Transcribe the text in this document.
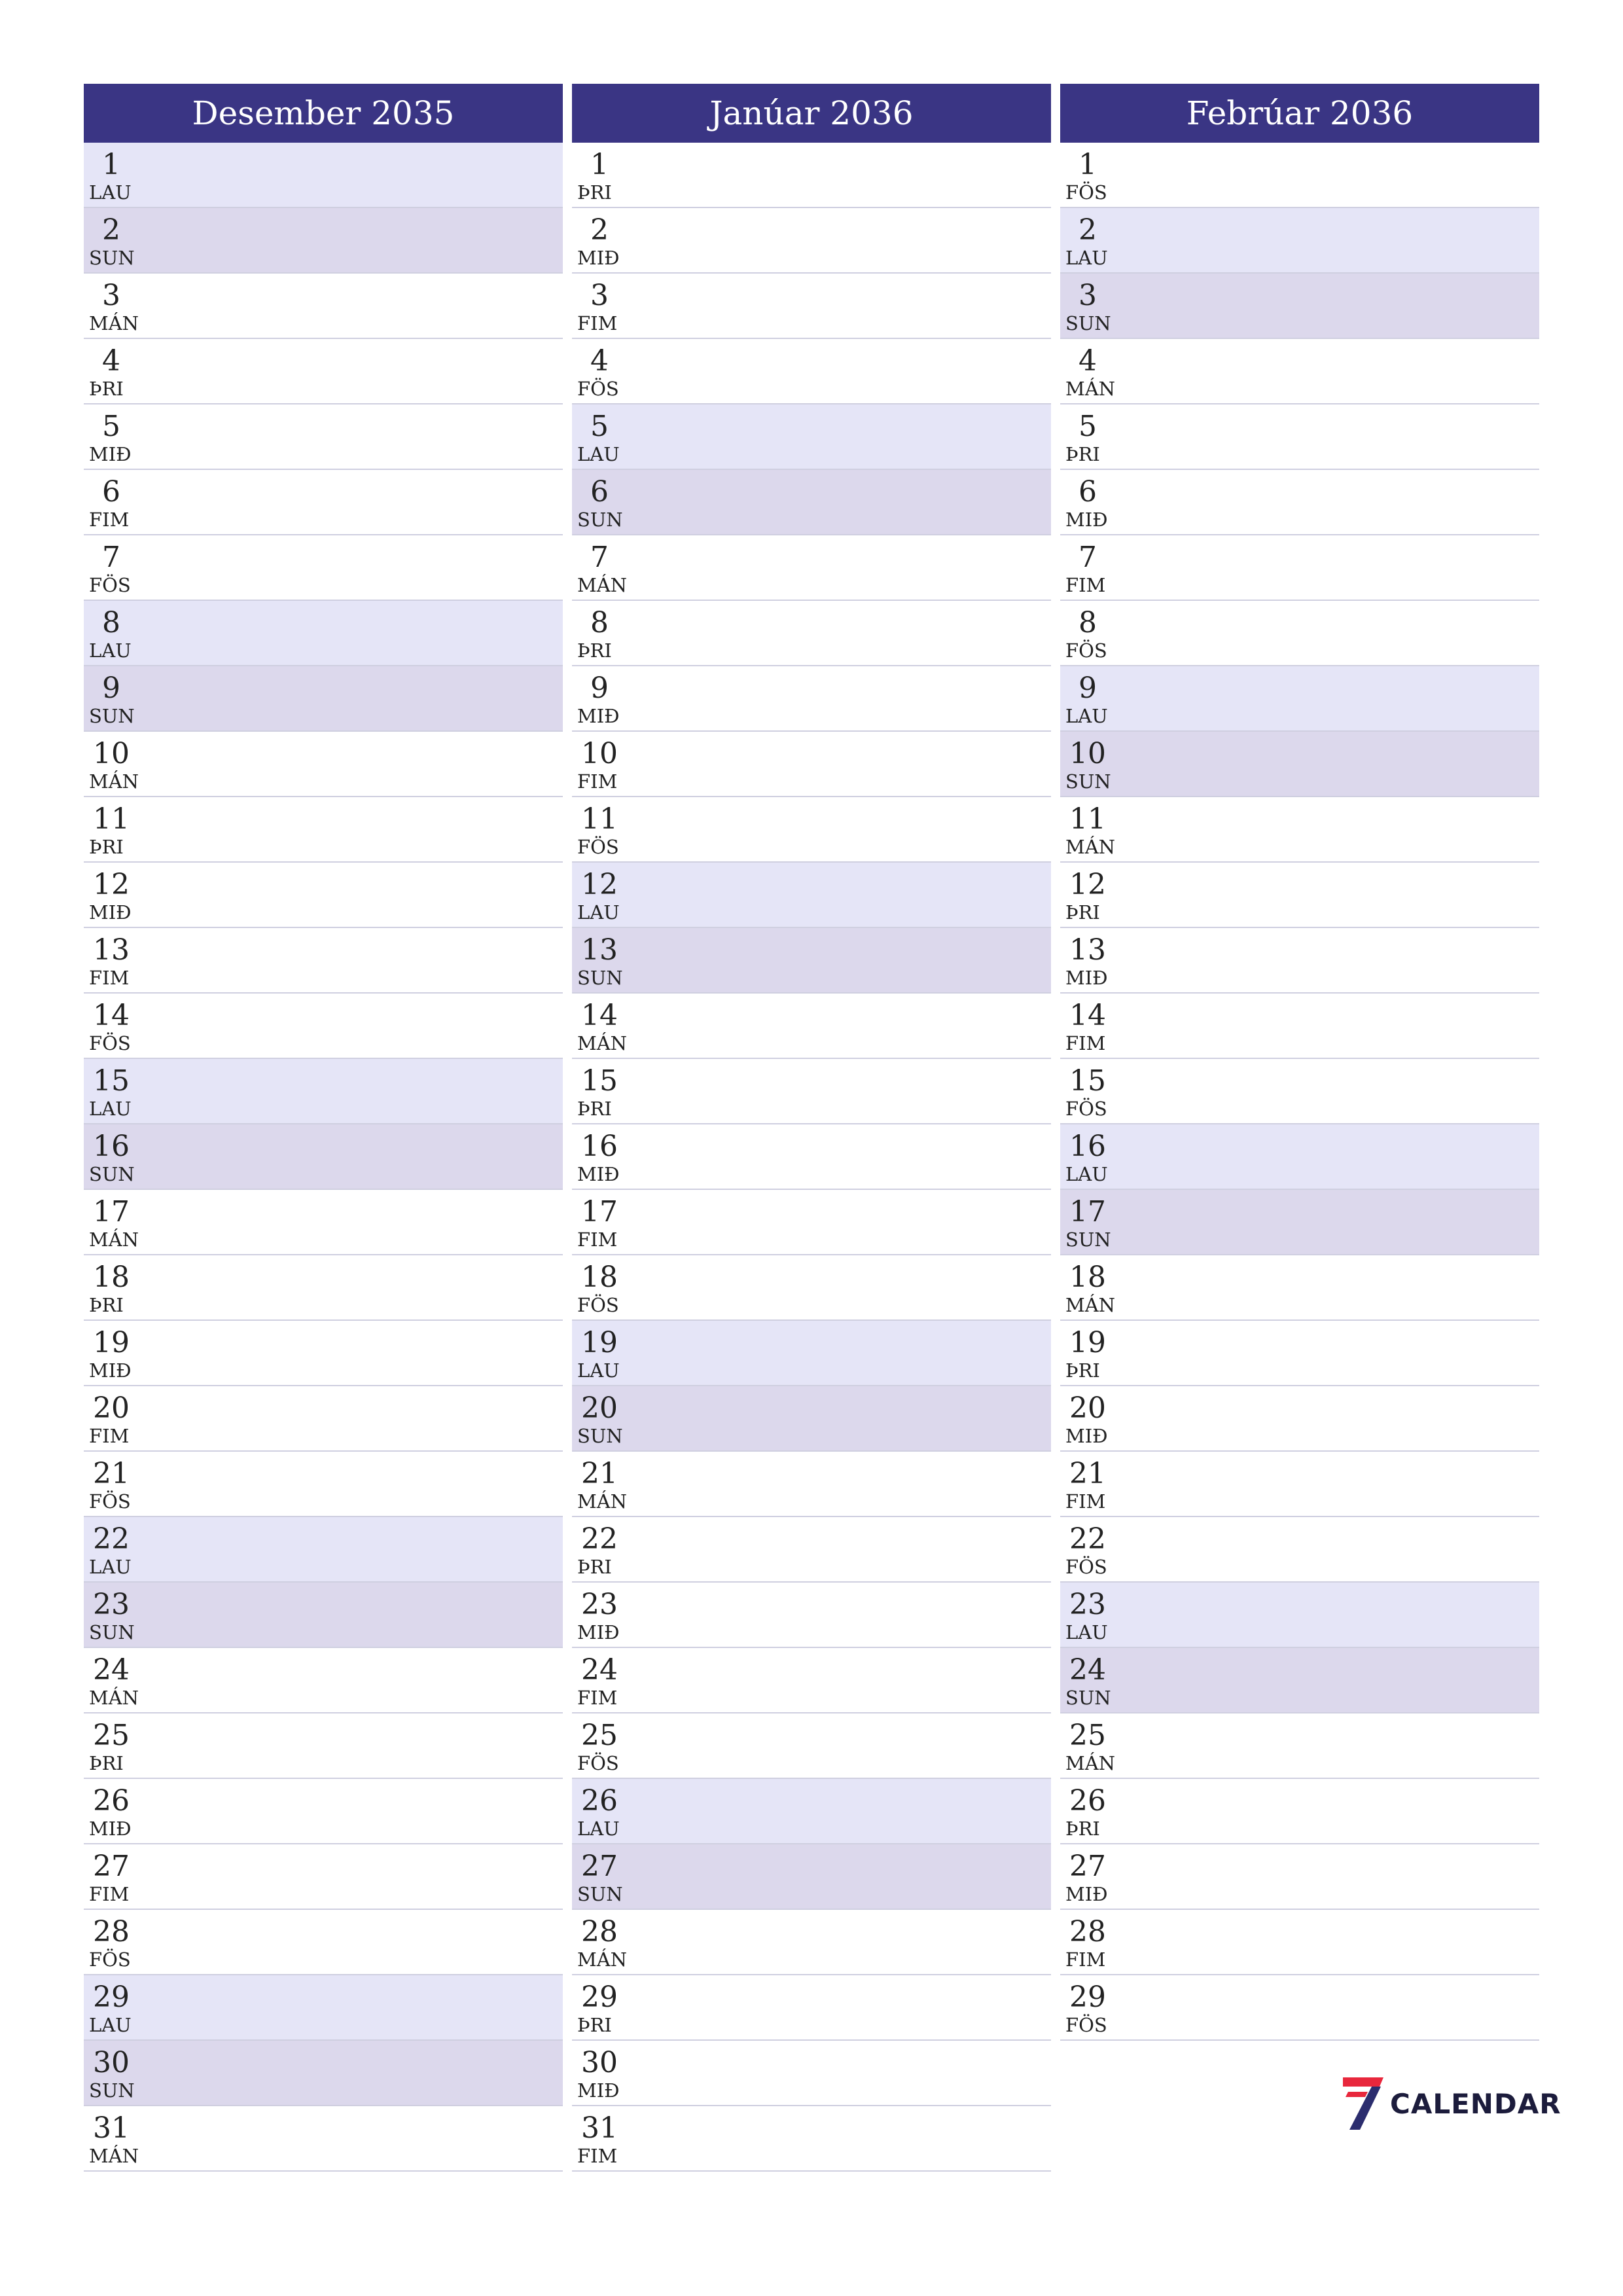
Desember 2035
1
LAU
2
SUN
3
MÁN
4
ÞRI
5
MIÐ
6
FIM
7
FÖS
8
LAU
9
SUN
10
MÁN
11
ÞRI
12
MIÐ
13
FIM
14
FÖS
15
LAU
16
SUN
17
MÁN
18
ÞRI
19
MIÐ
20
FIM
21
FÖS
22
LAU
23
SUN
24
MÁN
25
ÞRI
26
MIÐ
27
FIM
28
FÖS
29
LAU
30
SUN
31
MÁN
Janúar 2036
1
ÞRI
2
MIÐ
3
FIM
4
FÖS
5
LAU
6
SUN
7
MÁN
8
ÞRI
9
MIÐ
10
FIM
11
FÖS
12
LAU
13
SUN
14
MÁN
15
ÞRI
16
MIÐ
17
FIM
18
FÖS
19
LAU
20
SUN
21
MÁN
22
ÞRI
23
MIÐ
24
FIM
25
FÖS
26
LAU
27
SUN
28
MÁN
29
ÞRI
30
MIÐ
31
FIM
Febrúar 2036
1
FÖS
2
LAU
3
SUN
4
MÁN
5
ÞRI
6
MIÐ
7
FIM
8
FÖS
9
LAU
10
SUN
11
MÁN
12
ÞRI
13
MIÐ
14
FIM
15
FÖS
16
LAU
17
SUN
18
MÁN
19
ÞRI
20
MIÐ
21
FIM
22
FÖS
23
LAU
24
SUN
25
MÁN
26
ÞRI
27
MIÐ
28
FIM
29
FÖS
CALENDAR
